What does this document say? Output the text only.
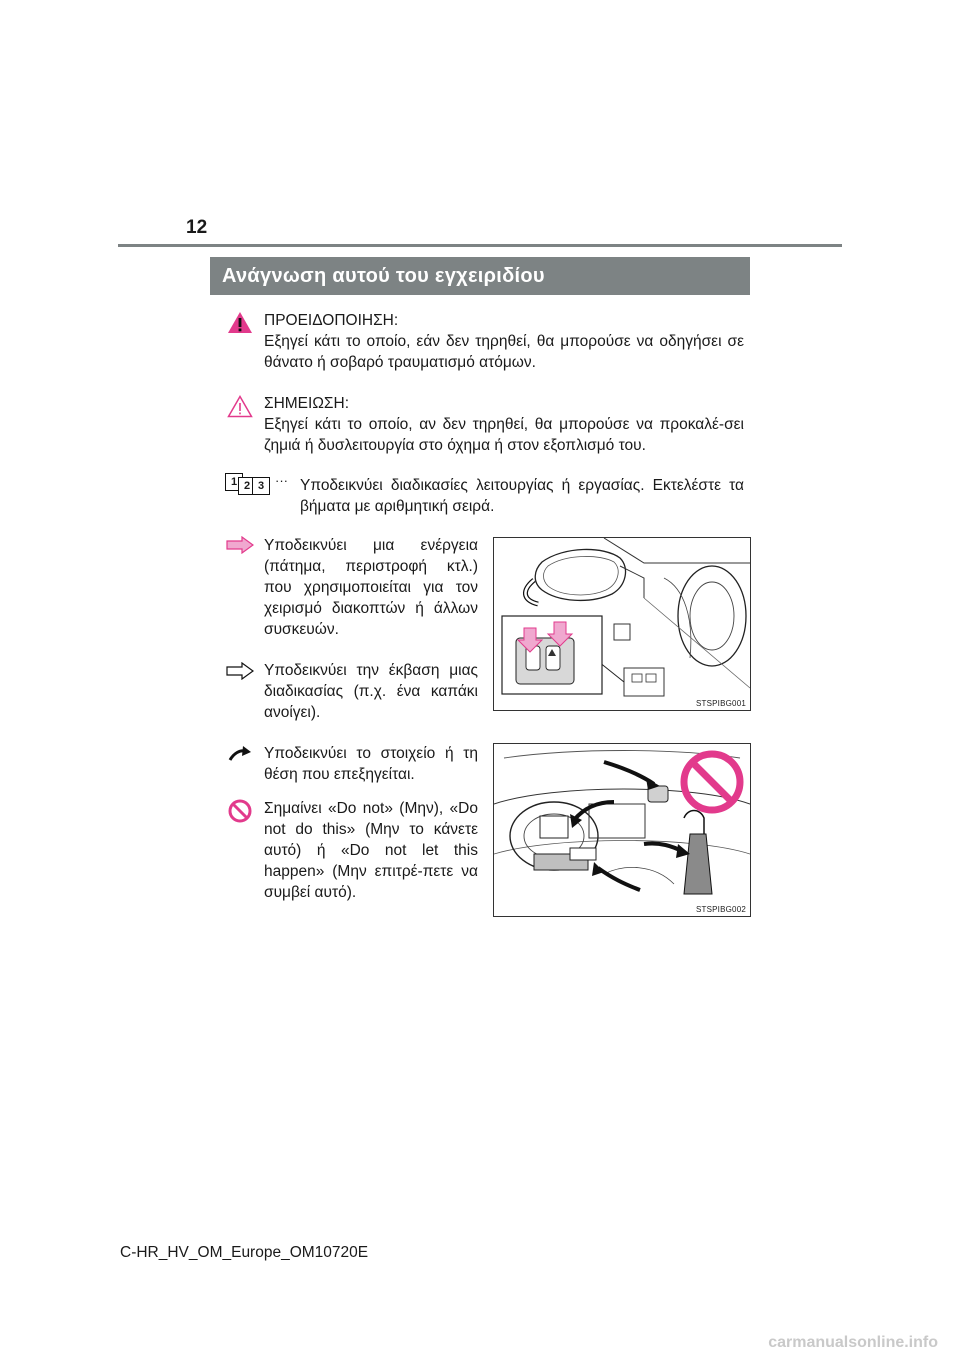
12
Ανάγνωση αυτού του εγχειριδίου
ΠΡΟΕΙΔΟΠΟΙΗΣΗ:
Εξηγεί κάτι το οποίο, εάν δεν τηρηθεί, θα μπορούσε να οδηγήσει σε θάνατο ή σοβαρό τραυματισμό ατόμων.
ΣΗΜΕΙΩΣΗ:
Εξηγεί κάτι το οποίο, αν δεν τηρηθεί, θα μπορούσε να προκαλέ-σει ζημιά ή δυσλειτουργία στο όχημα ή στον εξοπλισμό του.
1 2 3 ··· Υποδεικνύει διαδικασίες λειτουργίας ή εργασίας. Εκτελέστε τα βήματα με αριθμητική σειρά.
Υποδεικνύει μια ενέργεια (πάτημα, περιστροφή κτλ.) που χρησιμοποιείται για τον χειρισμό διακοπτών ή άλλων συσκευών.
Υποδεικνύει την έκβαση μιας διαδικασίας (π.χ. ένα καπάκι ανοίγει).
Υποδεικνύει το στοιχείο ή τη θέση που επεξηγείται.
Σημαίνει «Do not» (Μην), «Do not do this» (Μην το κάνετε αυτό) ή «Do not let this happen» (Μην επιτρέ-πετε να συμβεί αυτό).
STSPIBG001
STSPIBG002
C-HR_HV_OM_Europe_OM10720E
carmanualsonline.info
